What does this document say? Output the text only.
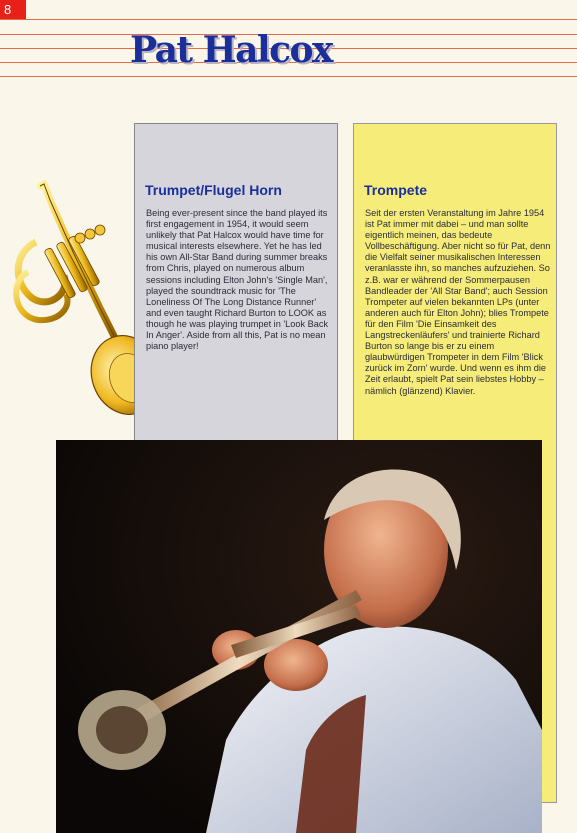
8
Pat Halcox
Trumpet/Flugel Horn
Being ever-present since the band played its first engagement in 1954, it would seem unlikely that Pat Halcox would have time for musical interests elsewhere. Yet he has led his own All-Star Band during summer breaks from Chris, played on numerous album sessions including Elton John's 'Single Man', played the soundtrack music for 'The Loneliness Of The Long Distance Runner' and even taught Richard Burton to LOOK as though he was playing trumpet in 'Look Back In Anger'. Aside from all this, Pat is no mean piano player!
Trompete
Seit der ersten Veranstaltung im Jahre 1954 ist Pat immer mit dabei – und man sollte eigentlich meinen, das bedeute Vollbeschäftigung. Aber nicht so für Pat, denn die Vielfalt seiner musikalischen Interessen veranlasste ihn, so manches aufzuziehen. So z.B. war er während der Sommerpausen Bandleader der 'All Star Band'; auch Session Trompeter auf vielen bekannten LPs (unter anderen auch für Elton John); blies Trompete für den Film 'Die Einsamkeit des Langstreckenläufers' und trainierte Richard Burton so lange bis er zu einem glaubwürdigen Trompeter in dem Film 'Blick zurück im Zorn' wurde. Und wenn es ihm die Zeit erlaubt, spielt Pat sein liebstes Hobby – nämlich (glänzend) Klavier.
